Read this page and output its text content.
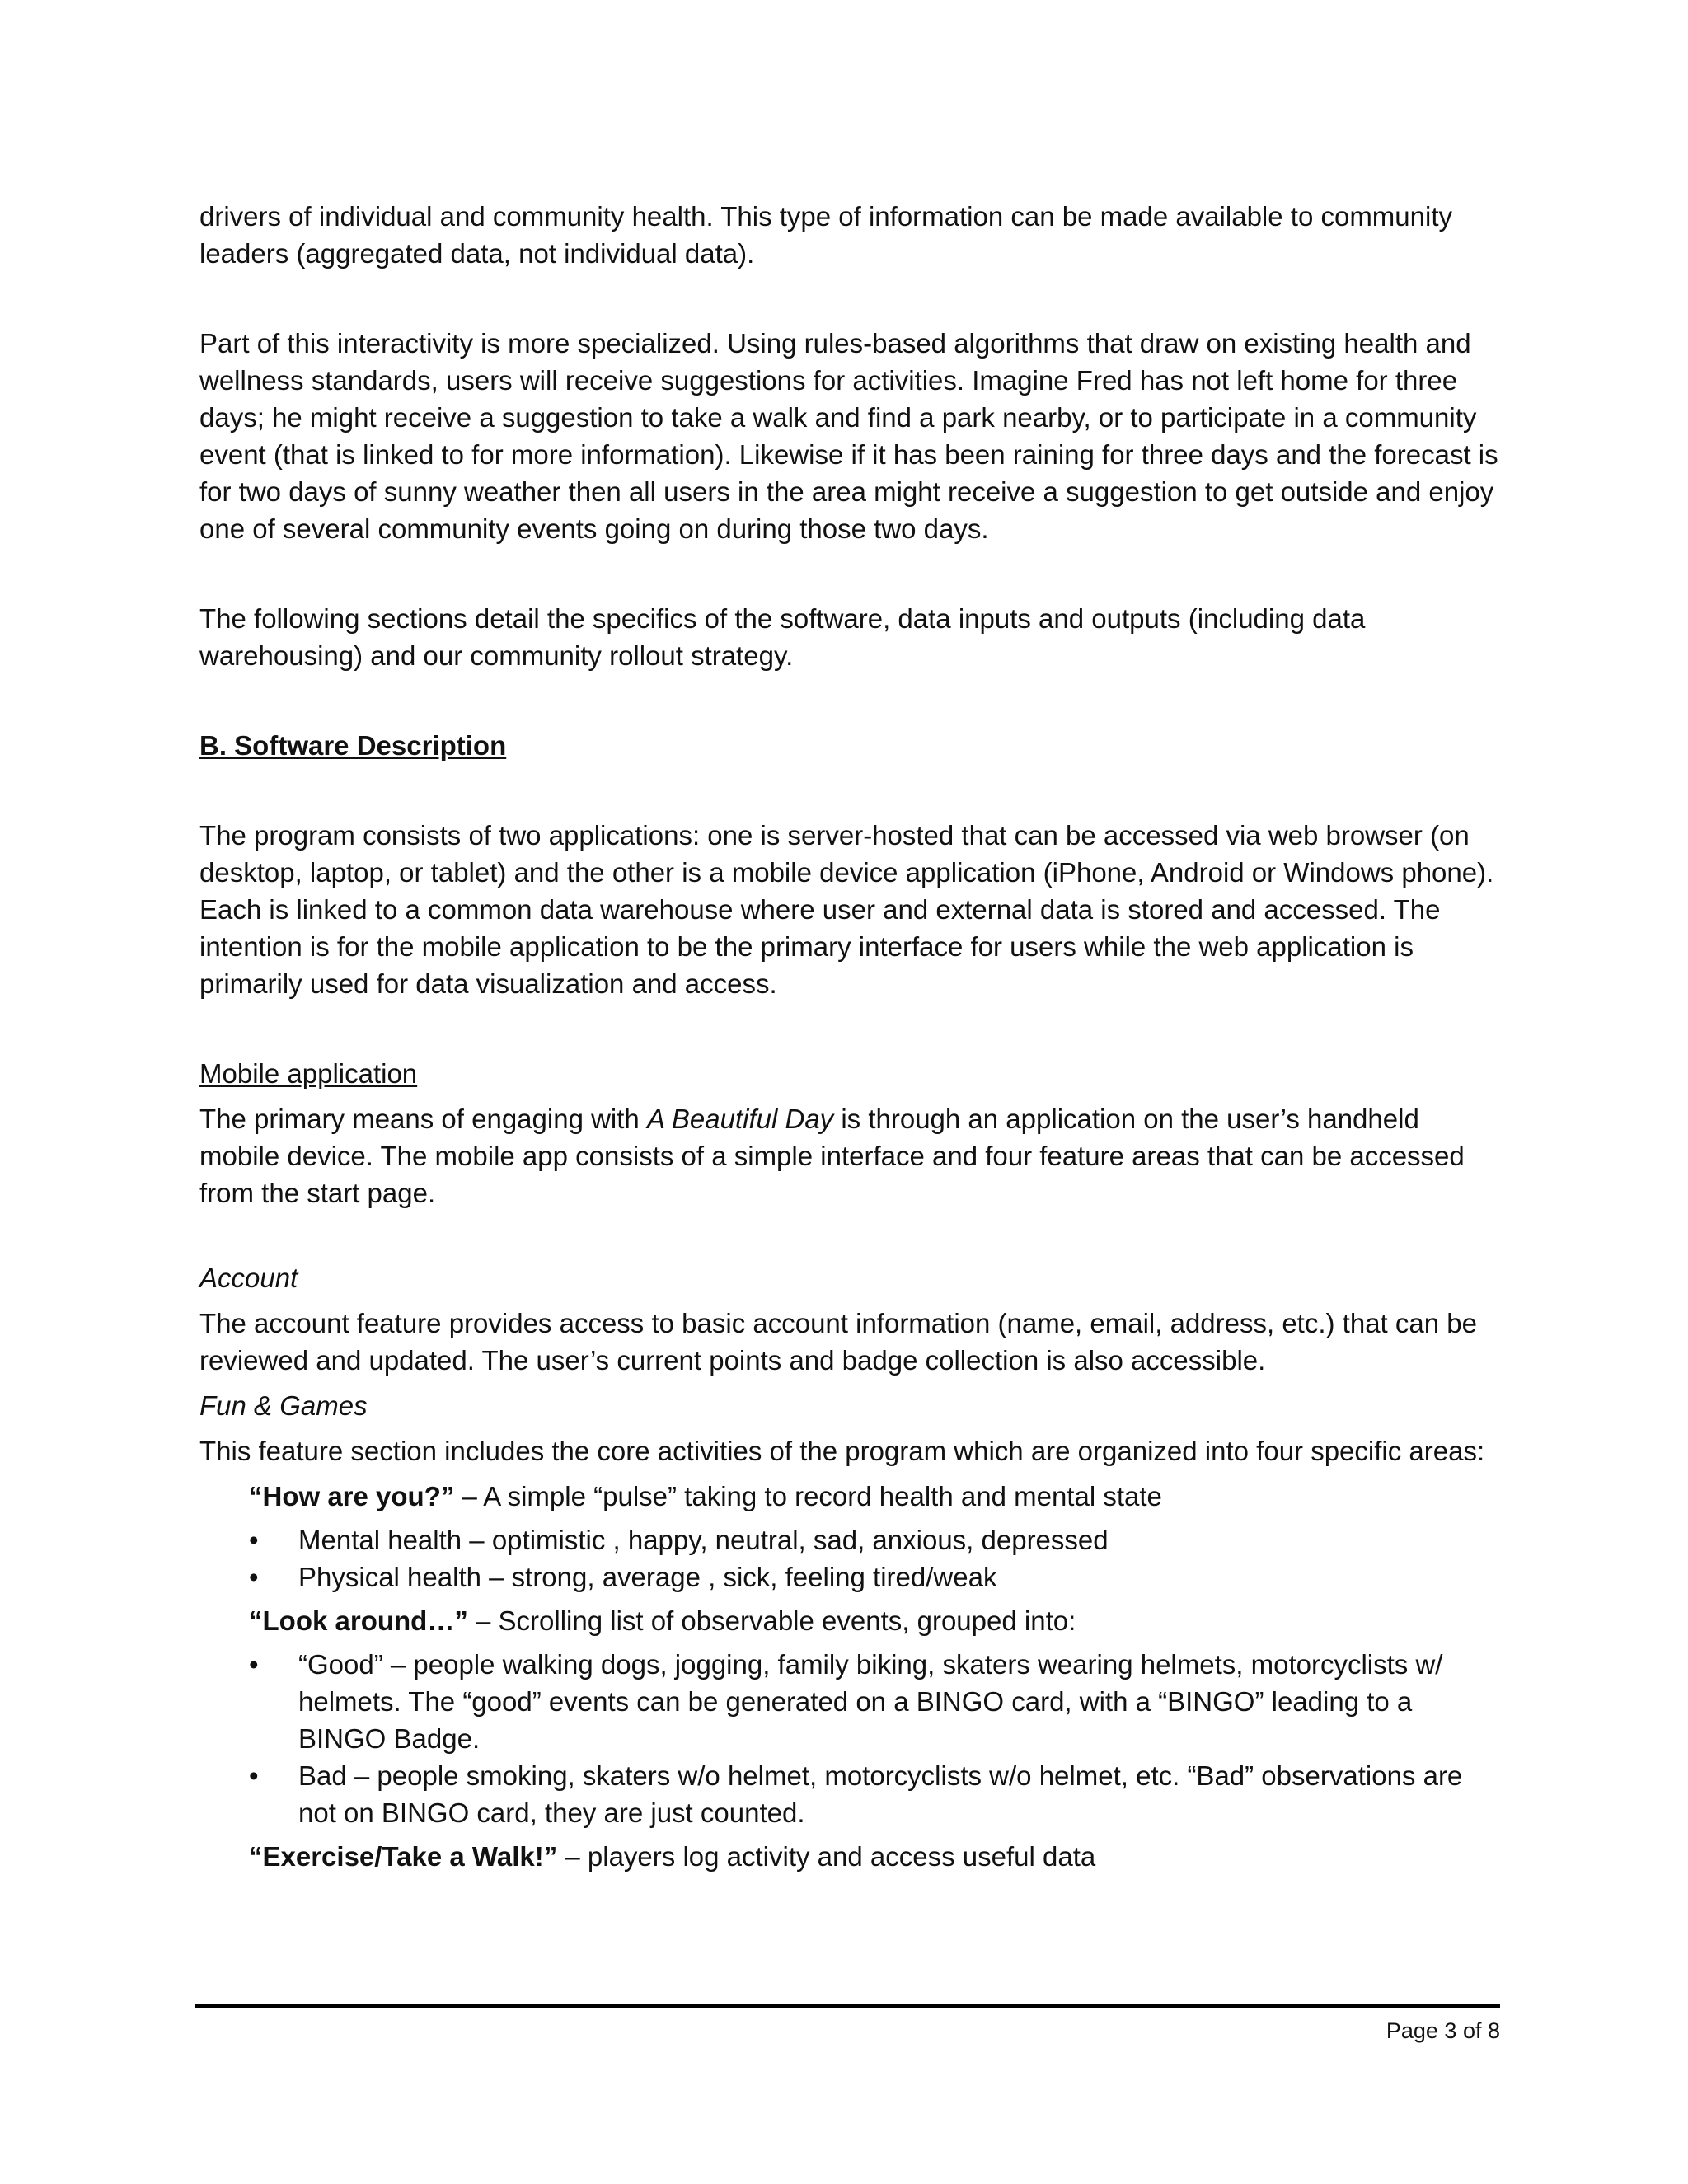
drivers of individual and community health. This type of information can be made available to community leaders (aggregated data, not individual data).

Part of this interactivity is more specialized. Using rules-based algorithms that draw on existing health and wellness standards, users will receive suggestions for activities. Imagine Fred has not left home for three days; he might receive a suggestion to take a walk and find a park nearby, or to participate in a community event (that is linked to for more information). Likewise if it has been raining for three days and the forecast is for two days of sunny weather then all users in the area might receive a suggestion to get outside and enjoy one of several community events going on during those two days.

The following sections detail the specifics of the software, data inputs and outputs (including data warehousing) and our community rollout strategy.

B. Software Description

The program consists of two applications: one is server-hosted that can be accessed via web browser (on desktop, laptop, or tablet) and the other is a mobile device application (iPhone, Android or Windows phone). Each is linked to a common data warehouse where user and external data is stored and accessed. The intention is for the mobile application to be the primary interface for users while the web application is primarily used for data visualization and access.

Mobile application

The primary means of engaging with A Beautiful Day is through an application on the user’s handheld mobile device. The mobile app consists of a simple interface and four feature areas that can be accessed from the start page.

Account

The account feature provides access to basic account information (name, email, address, etc.) that can be reviewed and updated. The user’s current points and badge collection is also accessible.

Fun & Games

This feature section includes the core activities of the program which are organized into four specific areas:

“How are you?” – A simple “pulse” taking to record health and mental state

• Mental health – optimistic , happy, neutral, sad, anxious, depressed
• Physical health – strong, average , sick, feeling tired/weak

“Look around…” – Scrolling list of observable events, grouped into:

• “Good” – people walking dogs, jogging, family biking, skaters wearing helmets, motorcyclists w/ helmets. The “good” events can be generated on a BINGO card, with a “BINGO” leading to a BINGO Badge.
• Bad – people smoking, skaters w/o helmet, motorcyclists w/o helmet, etc. “Bad” observations are not on BINGO card, they are just counted.

“Exercise/Take a Walk!” – players log activity and access useful data

Page 3 of 8
